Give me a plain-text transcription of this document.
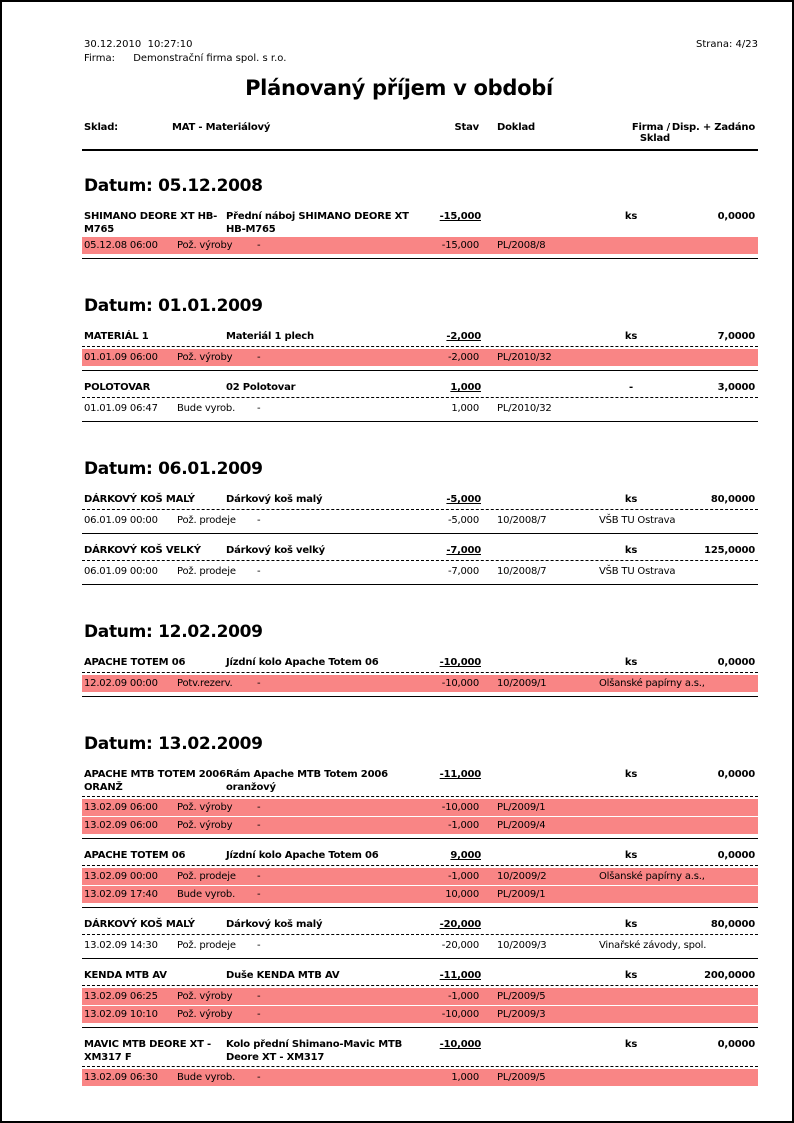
30.12.2010  10:27:10	Strana: 4/23
Firma: Demonstrační firma spol. s r.o.
Plánovaný příjem v období
Sklad:	MAT - Materiálový	Stav Doklad	Firma / Sklad
Disp. + Zadáno
Datum: 05.12.2008
SHIMANO DEORE XT HB-M765
Přední náboj SHIMANO DEORE XT HB-M765
-15,000	ks	0,0000
05.12.08 06:00	Pož. výroby	-	-15,000 PL/2008/8
Datum: 01.01.2009
MATERIÁL 1	Materiál 1 plech	-2,000	ks	7,0000
01.01.09 06:00	Pož. výroby	-	-2,000 PL/2010/32
POLOTOVAR	02 Polotovar	1,000	-	3,0000
01.01.09 06:47	Bude vyrob.	-	1,000 PL/2010/32
Datum: 06.01.2009
DÁRKOVÝ KOŠ MALÝ	Dárkový koš malý	-5,000	ks	80,0000
06.01.09 00:00	Pož. prodeje	-	-5,000 10/2008/7	VŠB TU Ostrava
DÁRKOVÝ KOŠ VELKÝ	Dárkový koš velký	-7,000	ks	125,0000
06.01.09 00:00	Pož. prodeje	-	-7,000 10/2008/7	VŠB TU Ostrava
Datum: 12.02.2009
APACHE TOTEM 06	Jízdní kolo Apache Totem 06	-10,000	ks	0,0000
12.02.09 00:00	Potv.rezerv.	-	-10,000 10/2009/1	Olšanské papírny a.s.,
Datum: 13.02.2009
APACHE MTB TOTEM 2006 ORANŽ
Rám Apache MTB Totem 2006 oranžový
-11,000	ks	0,0000
13.02.09 06:00	Pož. výroby	-	-10,000 PL/2009/1
13.02.09 06:00	Pož. výroby	-	-1,000 PL/2009/4
APACHE TOTEM 06	Jízdní kolo Apache Totem 06	9,000	ks	0,0000
13.02.09 00:00	Pož. prodeje	-	-1,000 10/2009/2	Olšanské papírny a.s.,
13.02.09 17:40	Bude vyrob.	-	10,000 PL/2009/1
DÁRKOVÝ KOŠ MALÝ	Dárkový koš malý	-20,000	ks	80,0000
13.02.09 14:30	Pož. prodeje	-	-20,000 10/2009/3	Vinařské závody, spol.
KENDA MTB AV	Duše KENDA MTB AV	-11,000	ks	200,0000
13.02.09 06:25	Pož. výroby	-	-1,000 PL/2009/5
13.02.09 10:10	Pož. výroby	-	-10,000 PL/2009/3
MAVIC MTB DEORE XT - XM317 F
Kolo přední Shimano-Mavic MTB Deore XT - XM317
-10,000	ks	0,0000
13.02.09 06:30	Bude vyrob.	-	1,000 PL/2009/5
